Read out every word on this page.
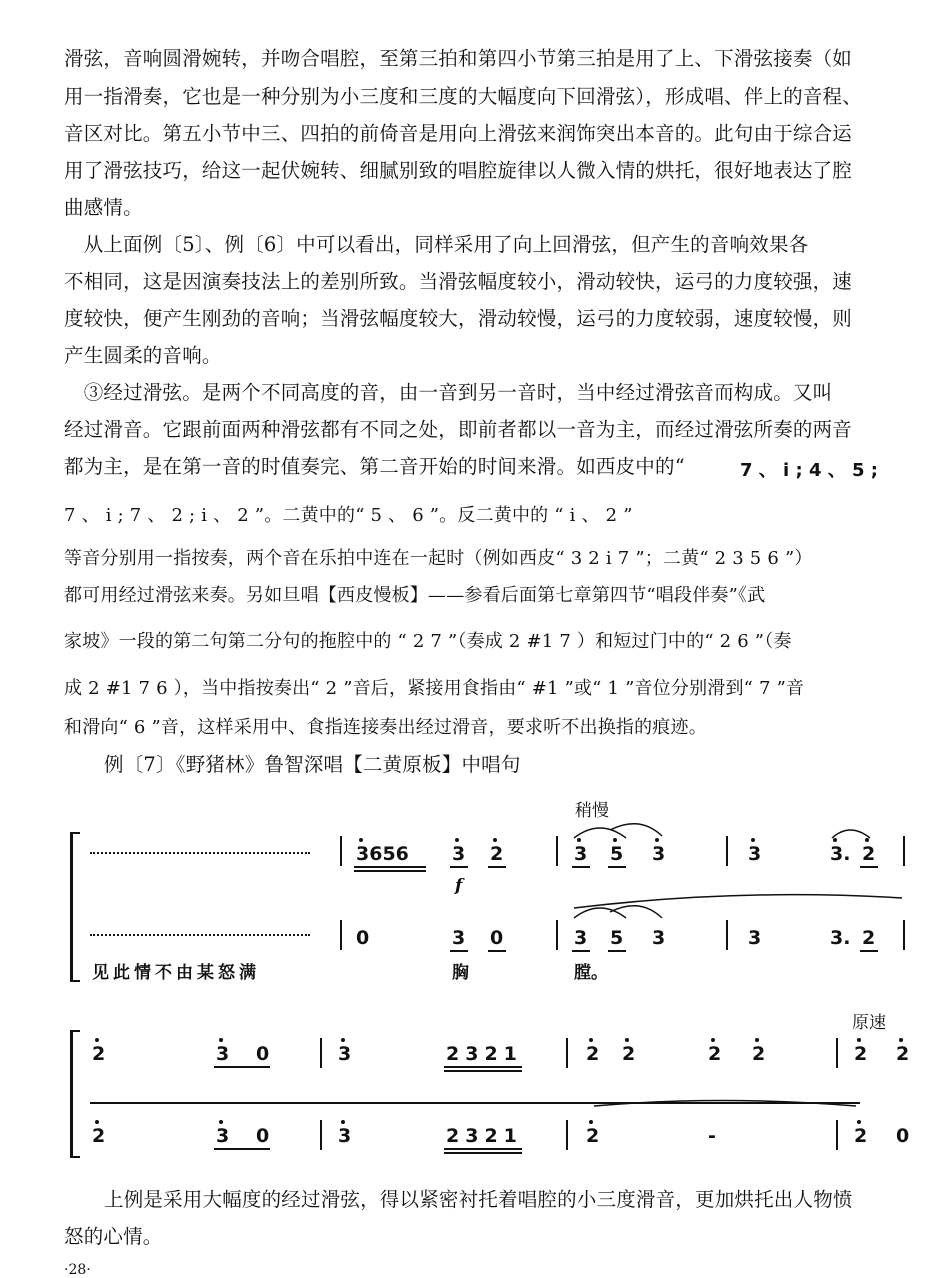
滑弦，音响圆滑婉转，并吻合唱腔，至第三拍和第四小节第三拍是用了上、下滑弦接奏（如
用一指滑奏，它也是一种分别为小三度和三度的大幅度向下回滑弦），形成唱、伴上的音程、
音区对比。第五小节中三、四拍的前倚音是用向上滑弦来润饰突出本音的。此句由于综合运
用了滑弦技巧，给这一起伏婉转、细腻别致的唱腔旋律以人微入情的烘托，很好地表达了腔
曲感情。
　从上面例〔5〕、例〔6〕中可以看出，同样采用了向上回滑弦，但产生的音响效果各
不相同，这是因演奏技法上的差别所致。当滑弦幅度较小，滑动较快，运弓的力度较强，速
度较快，便产生刚劲的音响；当滑弦幅度较大，滑动较慢，运弓的力度较弱，速度较慢，则
产生圆柔的音响。
　③经过滑弦。是两个不同高度的音，由一音到另一音时，当中经过滑弦音而构成。又叫
经过滑音。它跟前面两种滑弦都有不同之处，即前者都以一音为主，而经过滑弦所奏的两音
都为主，是在第一音的时值奏完、第二音开始的时间来滑。如西皮中的“	7 、 i ; 4 、 5 ;
7 、 i ; 7 、 2 ; i 、 2 ”。二黄中的“ 5 、 6 ”。反二黄中的 “ i 、 2 ”
等音分别用一指按奏，两个音在乐拍中连在一起时（例如西皮“ 3 2 i 7 ”；二黄“ 2 3 5 6 ”）
都可用经过滑弦来奏。另如旦唱【西皮慢板】——参看后面第七章第四节“唱段伴奏”《武
家坡》一段的第二句第二分句的拖腔中的 “ 2 7 ”（奏成 2 #1 7 ）和短过门中的“ 2 6 ”（奏
成 2 #1 7 6 ），当中指按奏出“ 2 ”音后，紧接用食指由“ #1 ”或“ 1 ”音位分别滑到“ 7 ”音
和滑向“ 6 ”音，这样采用中、食指连接奏出经过滑音，要求听不出换指的痕迹。
例〔7〕《野猪林》鲁智深唱【二黄原板】中唱句
稍慢
f
3656 3 2	3 5 3	3	3. 2
0	3 0	3 5 3	3	3. 2
见此情不由某怒满	胸	膛。
原速
2	3 0	3	2321	2 2	2 2	2 2
2	3 0	3	2321	2	-	2 0
上例是采用大幅度的经过滑弦，得以紧密衬托着唱腔的小三度滑音，更加烘托出人物愤
怒的心情。
·28·
